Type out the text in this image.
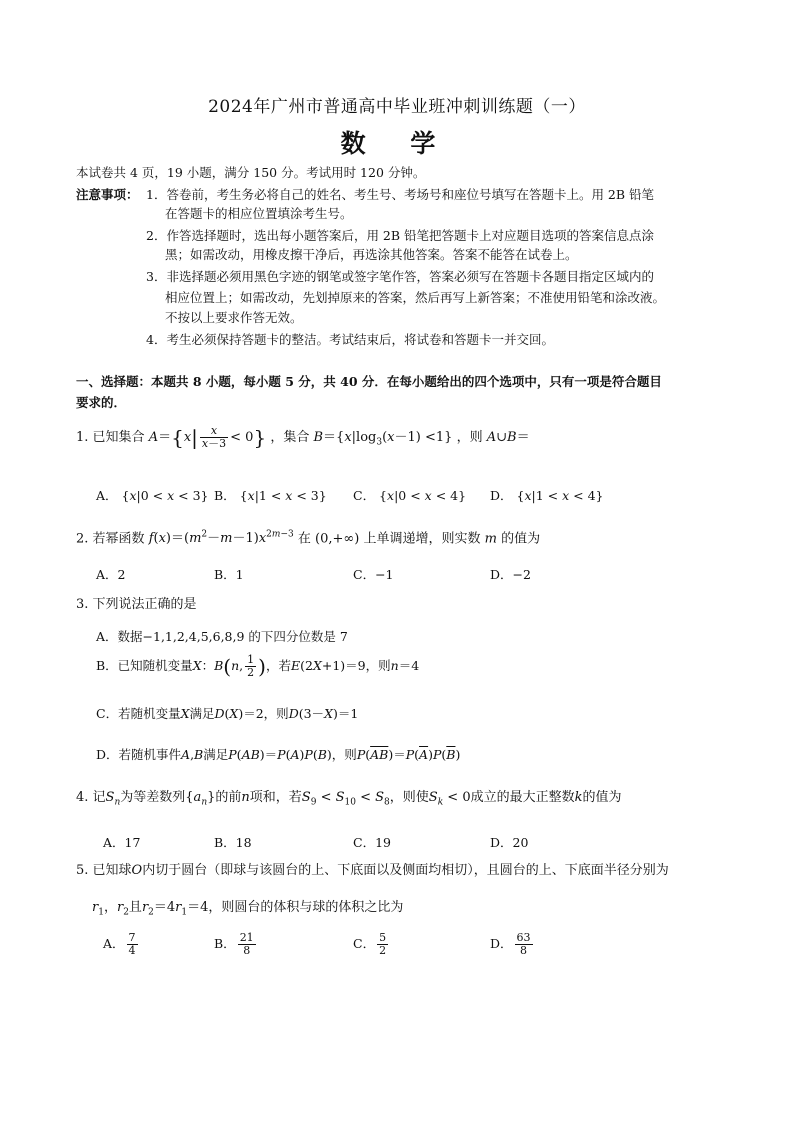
2024年广州市普通高中毕业班冲刺训练题（一）
数 学
本试卷共 4 页，19 小题，满分 150 分。考试用时 120 分钟。
注意事项： 1．答卷前，考生务必将自己的姓名、考生号、考场号和座位号填写在答题卡上。用 2B 铅笔
在答题卡的相应位置填涂考生号。
2．作答选择题时，选出每小题答案后，用 2B 铅笔把答题卡上对应题目选项的答案信息点涂
黑；如需改动，用橡皮擦干净后，再选涂其他答案。答案不能答在试卷上。
3．非选择题必须用黑色字迹的钢笔或签字笔作答，答案必须写在答题卡各题目指定区域内的
相应位置上；如需改动，先划掉原来的答案，然后再写上新答案；不准使用铅笔和涂改液。
不按以上要求作答无效。
4．考生必须保持答题卡的整洁。考试结束后，将试卷和答题卡一并交回。
一、选择题：本题共 8 小题，每小题 5 分，共 40 分．在每小题给出的四个选项中，只有一项是符合题目
要求的．
1. 已知集合 $A=\{x| \frac{x}{x-3} < 0\}$ ，集合 $B=\{x|\log_3(x-1) <1\}$ ，则 A∪B＝
A． {x|0 < x < 3} B． {x|1 < x < 3} C． {x|0 < x < 4} D． {x|1 < x < 4}
2. 若幂函数 $f(x)=(m^2-m-1)x^{2m-3}$ 在 (0,+∞) 上单调递增，则实数 m 的值为
A．2	B．1	C．−1	D．−2
3. 下列说法正确的是
A．数据−1,1,2,4,5,6,8,9 的下四分位数是 7
B．已知随机变量X：B(n, $\frac{1}{2}$ )，若E(2X+1)＝9，则n＝4
C．若随机变量X满足D(X)＝2，则D(3－X)＝1
D．若随机事件A,B满足P(AB)＝P(A)P(B)，则$P(\overline{AB})=P(\overline{A})P(\overline{B})$
4. 记$S_n$为等差数列$\{a_n\}$的前n项和，若$S_9 < S_{10} < S_8$，则使$S_k < 0$成立的最大正整数k的值为
A．17	B．18	C．19	D．20
5. 已知球O内切于圆台（即球与该圆台的上、下底面以及侧面均相切），且圆台的上、下底面半径分别为
$r_1$，$r_2$且$r_2=4r_1=4$，则圆台的体积与球的体积之比为
A． $\frac{7}{4}$	B． $\frac{21}{8}$	C． $\frac{5}{2}$	D． $\frac{63}{8}$
